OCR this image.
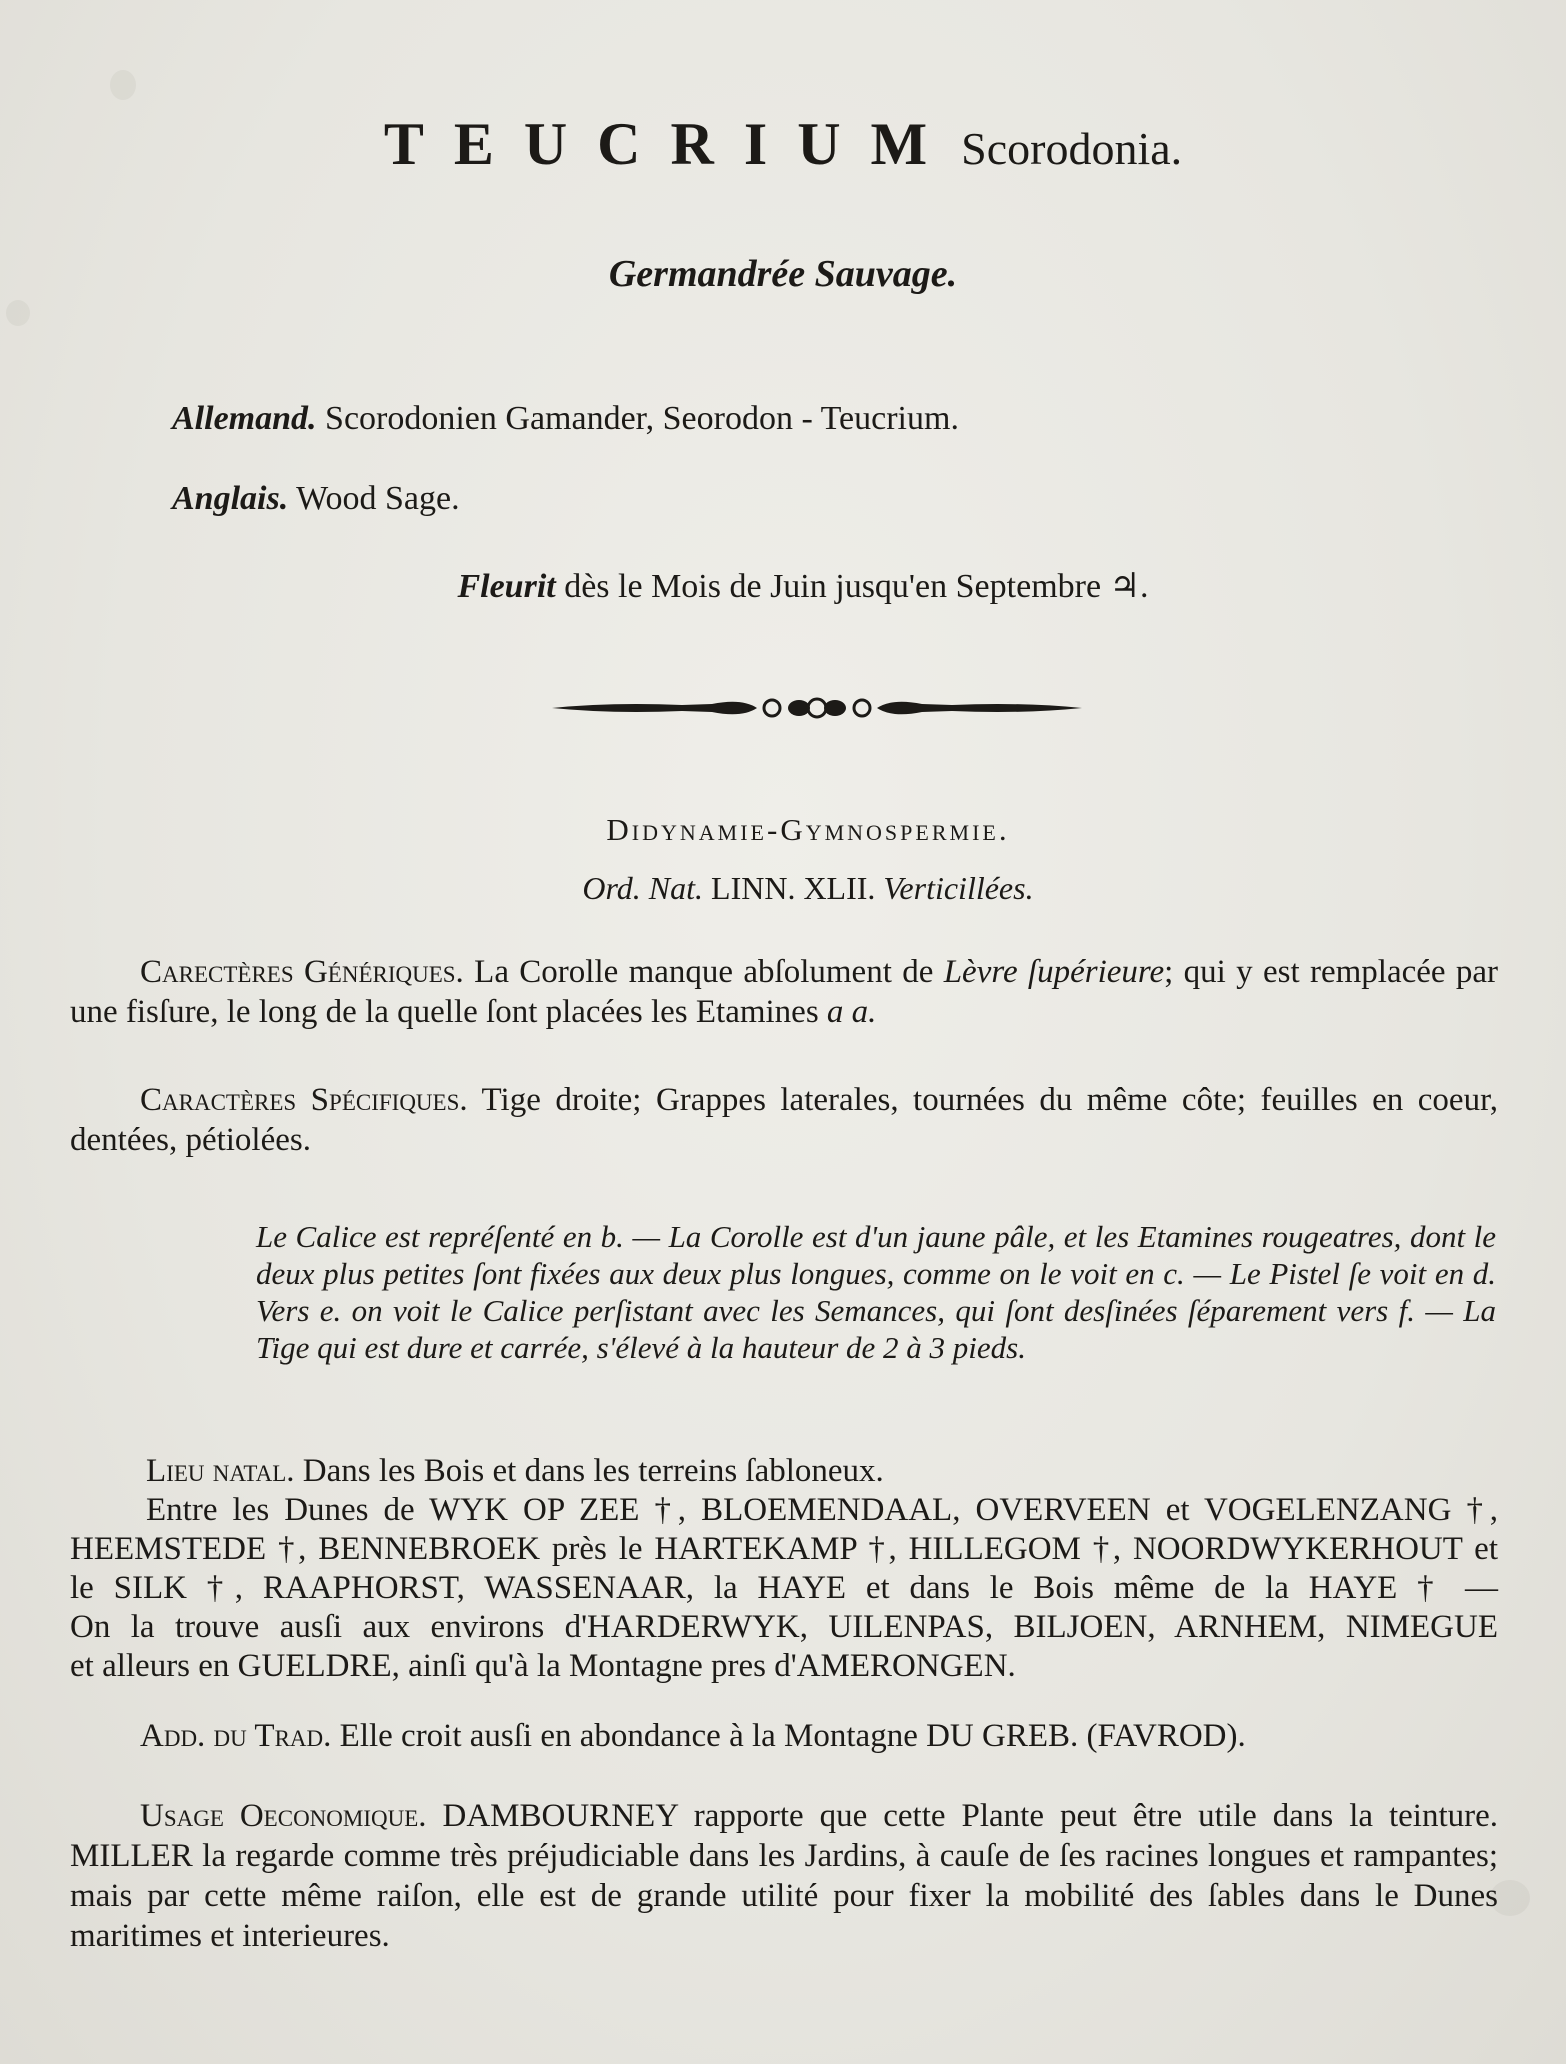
TEUCRIUM Scorodonia.
Germandrée Sauvage.
Allemand. Scorodonien Gamander, Seorodon - Teucrium.
Anglais. Wood Sage.
Fleurit dès le Mois de Juin jusqu'en Septembre ♃.
Didynamie-Gymnospermie.
Ord. Nat. LINN. XLII. Verticillées.
Carectères Génériques. La Corolle manque abſolument de Lèvre ſupérieure; qui y est remplacée par une fisſure, le long de la quelle ſont placées les Etamines a a.
Caractères Spécifiques. Tige droite; Grappes laterales, tournées du même côte; feuilles en coeur, dentées, pétiolées.
Le Calice est repréſenté en b. — La Corolle est d'un jaune pâle, et les Etamines rougeatres, dont le deux plus petites ſont fixées aux deux plus longues, comme on le voit en c. — Le Pistel ſe voit en d. Vers e. on voit le Calice perſistant avec les Semances, qui ſont desſinées ſéparement vers f. — La Tige qui est dure et carrée, s'élevé à la hauteur de 2 à 3 pieds.
Lieu natal. Dans les Bois et dans les terreins ſabloneux.
Entre les Dunes de WYK OP ZEE †, BLOEMENDAAL, OVERVEEN et VOGELENZANG †,
HEEMSTEDE †, BENNEBROEK près le HARTEKAMP †, HILLEGOM †, NOORDWYKERHOUT et
le SILK †, RAAPHORST, WASSENAAR, la HAYE et dans le Bois même de la HAYE † —
On la trouve ausſi aux environs d'HARDERWYK, UILENPAS, BILJOEN, ARNHEM, NIMEGUE
et alleurs en GUELDRE, ainſi qu'à la Montagne pres d'AMERONGEN.
Add. du Trad. Elle croit ausſi en abondance à la Montagne DU GREB. (FAVROD).
Usage Oeconomique. DAMBOURNEY rapporte que cette Plante peut être utile dans la teinture. MILLER la regarde comme très préjudiciable dans les Jardins, à cauſe de ſes racines longues et rampantes; mais par cette même raiſon, elle est de grande utilité pour fixer la mobilité des ſables dans le Dunes maritimes et interieures.
